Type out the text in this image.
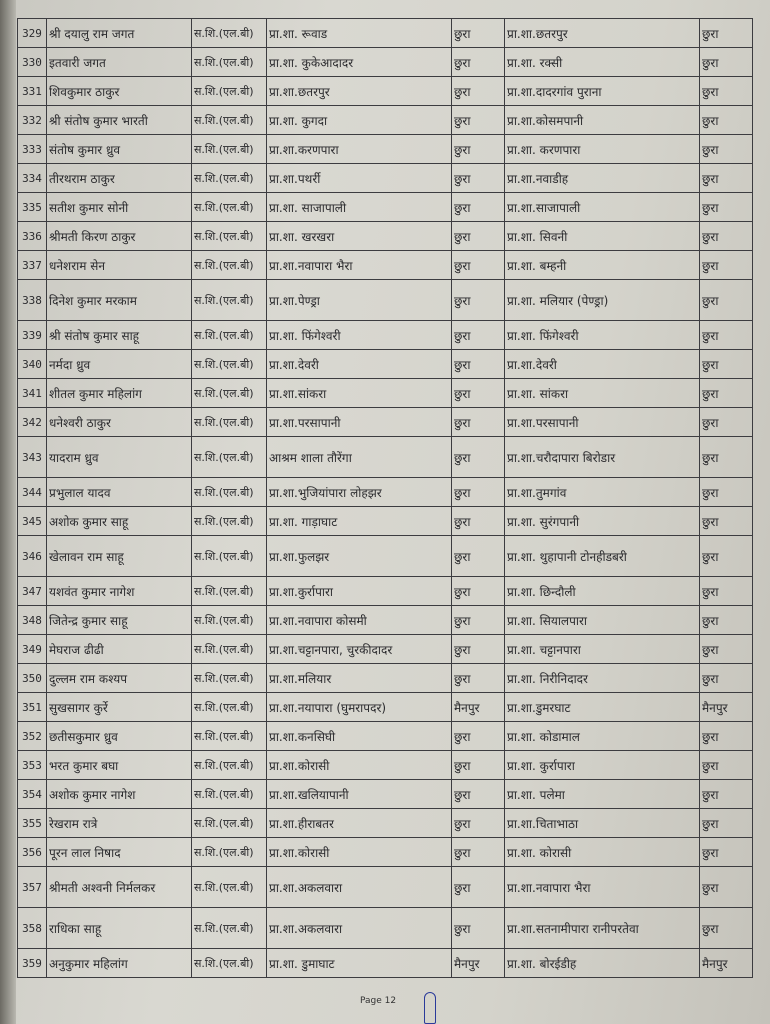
329	श्री दयालु राम जगत	स.शि.(एल.बी)	प्रा.शा. रूवाड	छुरा	प्रा.शा.छतरपुर	छुरा
330	इतवारी जगत	स.शि.(एल.बी)	प्रा.शा. कुकेआदादर	छुरा	प्रा.शा. रक्सी	छुरा
331	शिवकुमार ठाकुर	स.शि.(एल.बी)	प्रा.शा.छतरपुर	छुरा	प्रा.शा.दादरगांव पुराना	छुरा
332	श्री संतोष कुमार भारती	स.शि.(एल.बी)	प्रा.शा. कुगदा	छुरा	प्रा.शा.कोसमपानी	छुरा
333	संतोष कुमार ध्रुव	स.शि.(एल.बी)	प्रा.शा.करणपारा	छुरा	प्रा.शा. करणपारा	छुरा
334	तीरथराम ठाकुर	स.शि.(एल.बी)	प्रा.शा.पथर्री	छुरा	प्रा.शा.नवाडीह	छुरा
335	सतीश कुमार सोनी	स.शि.(एल.बी)	प्रा.शा. साजापाली	छुरा	प्रा.शा.साजापाली	छुरा
336	श्रीमती किरण ठाकुर	स.शि.(एल.बी)	प्रा.शा. खरखरा	छुरा	प्रा.शा. सिवनी	छुरा
337	धनेशराम सेन	स.शि.(एल.बी)	प्रा.शा.नवापारा भैरा	छुरा	प्रा.शा. बम्हनी	छुरा
338	दिनेश कुमार मरकाम	स.शि.(एल.बी)	प्रा.शा.पेण्ड्रा	छुरा	प्रा.शा. मलियार (पेण्ड्रा)	छुरा
339	श्री संतोष कुमार साहू	स.शि.(एल.बी)	प्रा.शा. फिंगेश्वरी	छुरा	प्रा.शा. फिंगेश्वरी	छुरा
340	नर्मदा ध्रुव	स.शि.(एल.बी)	प्रा.शा.देवरी	छुरा	प्रा.शा.देवरी	छुरा
341	शीतल कुमार महिलांग	स.शि.(एल.बी)	प्रा.शा.सांकरा	छुरा	प्रा.शा. सांकरा	छुरा
342	धनेश्वरी ठाकुर	स.शि.(एल.बी)	प्रा.शा.परसापानी	छुरा	प्रा.शा.परसापानी	छुरा
343	यादराम ध्रुव	स.शि.(एल.बी)	आश्रम शाला तौरेंगा	छुरा	प्रा.शा.चरौदापारा बिरोडार	छुरा
344	प्रभुलाल यादव	स.शि.(एल.बी)	प्रा.शा.भुजियांपारा लोहझर	छुरा	प्रा.शा.तुमगांव	छुरा
345	अशोक कुमार साहू	स.शि.(एल.बी)	प्रा.शा. गाड़ाघाट	छुरा	प्रा.शा. सुरंगपानी	छुरा
346	खेलावन राम साहू	स.शि.(एल.बी)	प्रा.शा.फुलझर	छुरा	प्रा.शा. थुहापानी टोनहीडबरी	छुरा
347	यशवंत कुमार नागेश	स.शि.(एल.बी)	प्रा.शा.कुर्रापारा	छुरा	प्रा.शा. छिन्दौली	छुरा
348	जितेन्द्र कुमार साहू	स.शि.(एल.बी)	प्रा.शा.नवापारा कोसमी	छुरा	प्रा.शा. सियालपारा	छुरा
349	मेघराज ढीढी	स.शि.(एल.बी)	प्रा.शा.चट्टानपारा, चुरकीदादर	छुरा	प्रा.शा. चट्टानपारा	छुरा
350	दुल्लम राम कश्यप	स.शि.(एल.बी)	प्रा.शा.मलियार	छुरा	प्रा.शा. निरीनिदादर	छुरा
351	सुखसागर कुर्रे	स.शि.(एल.बी)	प्रा.शा.नयापारा (घुमरापदर)	मैनपुर	प्रा.शा.डुमरघाट	मैनपुर
352	छतीसकुमार ध्रुव	स.शि.(एल.बी)	प्रा.शा.कनसिघी	छुरा	प्रा.शा. कोडामाल	छुरा
353	भरत कुमार बघा	स.शि.(एल.बी)	प्रा.शा.कोरासी	छुरा	प्रा.शा. कुर्रापारा	छुरा
354	अशोक कुमार नागेश	स.शि.(एल.बी)	प्रा.शा.खलियापानी	छुरा	प्रा.शा. पलेमा	छुरा
355	रेखराम रात्रे	स.शि.(एल.बी)	प्रा.शा.हीराबतर	छुरा	प्रा.शा.चिताभाठा	छुरा
356	पूरन लाल निषाद	स.शि.(एल.बी)	प्रा.शा.कोरासी	छुरा	प्रा.शा. कोरासी	छुरा
357	श्रीमती अश्वनी निर्मलकर	स.शि.(एल.बी)	प्रा.शा.अकलवारा	छुरा	प्रा.शा.नवापारा भैरा	छुरा
358	राधिका साहू	स.शि.(एल.बी)	प्रा.शा.अकलवारा	छुरा	प्रा.शा.सतनामीपारा रानीपरतेवा	छुरा
359	अनुकुमार महिलांग	स.शि.(एल.बी)	प्रा.शा. डुमाघाट	मैनपुर	प्रा.शा. बोरईडीह	मैनपुर
Page 12
